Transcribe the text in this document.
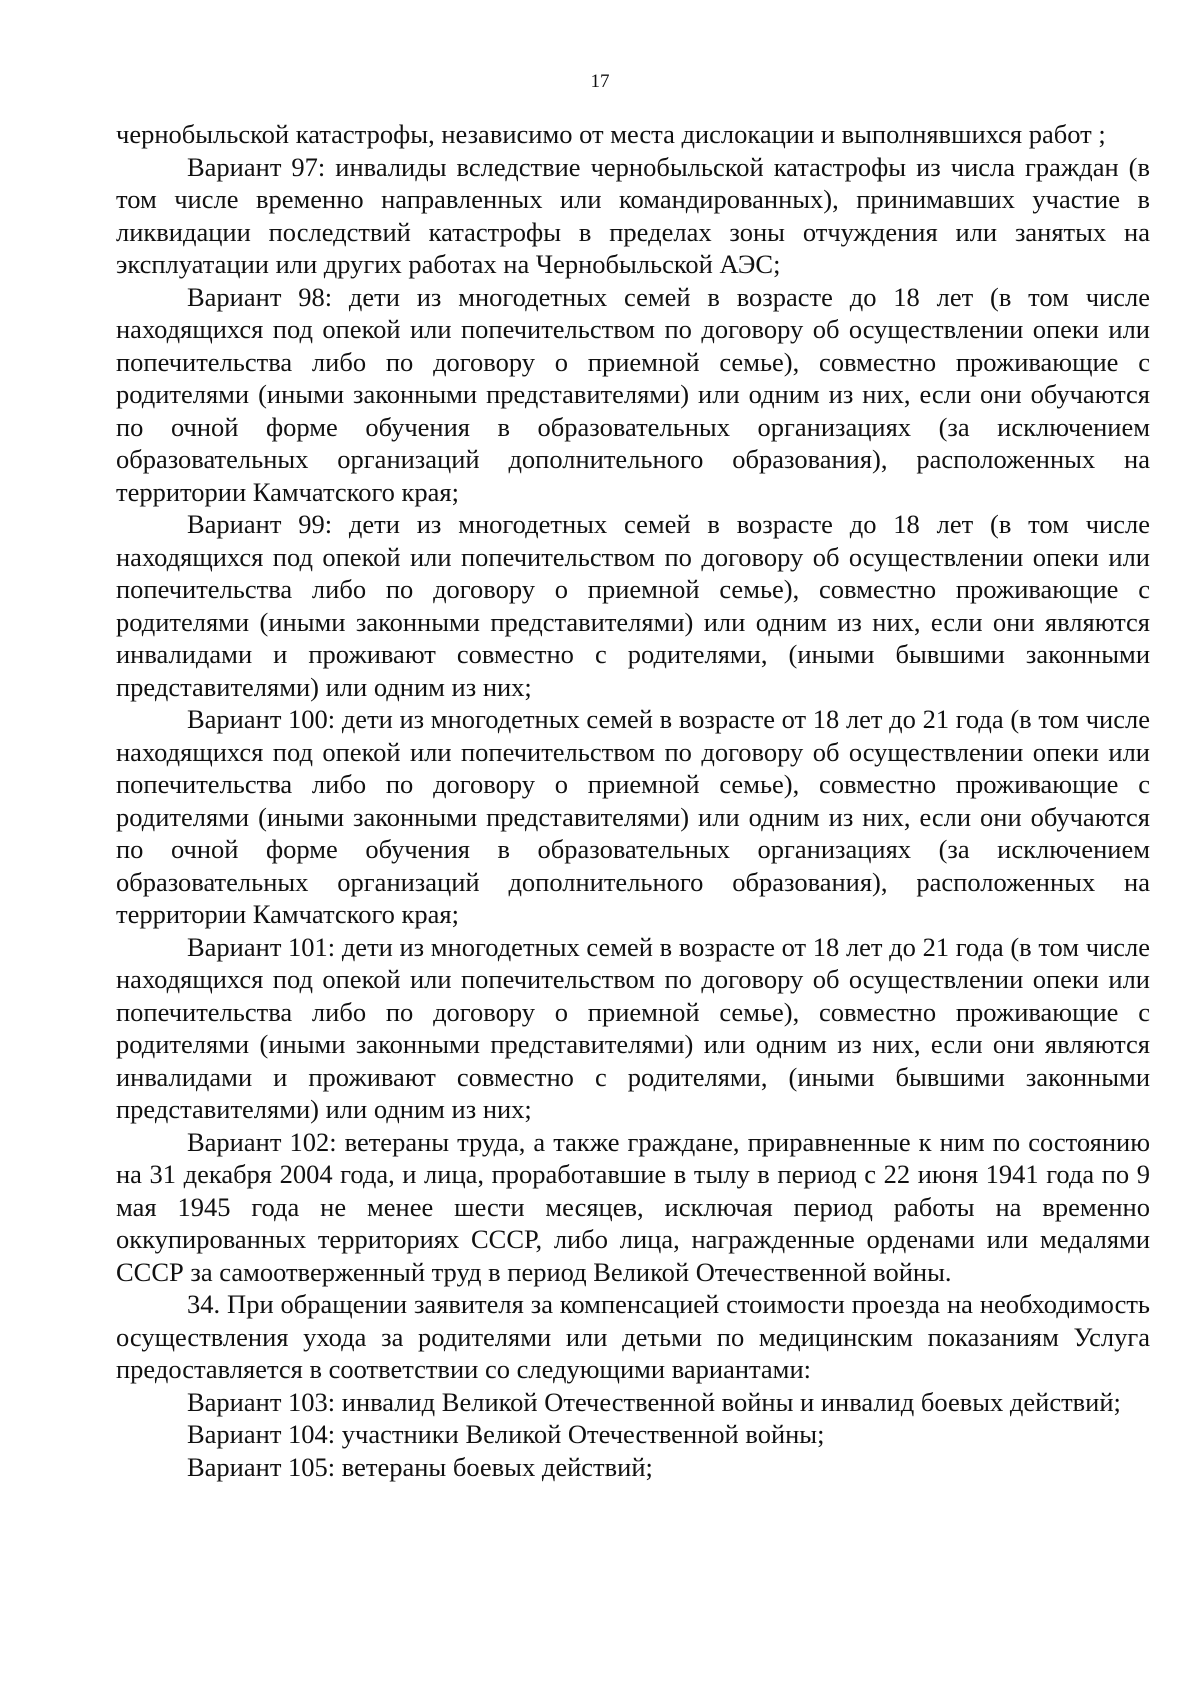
17

чернобыльской катастрофы, независимо от места дислокации и выполнявшихся работ ;

Вариант 97: инвалиды вследствие чернобыльской катастрофы из числа граждан (в том числе временно направленных или командированных), принимавших участие в ликвидации последствий катастрофы в пределах зоны отчуждения или занятых на эксплуатации или других работах на Чернобыльской АЭС;

Вариант 98: дети из многодетных семей в возрасте до 18 лет (в том числе находящихся под опекой или попечительством по договору об осуществлении опеки или попечительства либо по договору о приемной семье), совместно проживающие с родителями (иными законными представителями) или одним из них, если они обучаются по очной форме обучения в образовательных организациях (за исключением образовательных организаций дополнительного образования), расположенных на территории Камчатского края;

Вариант 99: дети из многодетных семей в возрасте до 18 лет (в том числе находящихся под опекой или попечительством по договору об осуществлении опеки или попечительства либо по договору о приемной семье), совместно проживающие с родителями (иными законными представителями) или одним из них, если они являются инвалидами и проживают совместно с родителями, (иными бывшими законными представителями) или одним из них;

Вариант 100: дети из многодетных семей в возрасте от 18 лет до 21 года (в том числе находящихся под опекой или попечительством по договору об осуществлении опеки или попечительства либо по договору о приемной семье), совместно проживающие с родителями (иными законными представителями) или одним из них, если они обучаются по очной форме обучения в образовательных организациях (за исключением образовательных организаций дополнительного образования), расположенных на территории Камчатского края;

Вариант 101: дети из многодетных семей в возрасте от 18 лет до 21 года (в том числе находящихся под опекой или попечительством по договору об осуществлении опеки или попечительства либо по договору о приемной семье), совместно проживающие с родителями (иными законными представителями) или одним из них, если они являются инвалидами и проживают совместно с родителями, (иными бывшими законными представителями) или одним из них;

Вариант 102: ветераны труда, а также граждане, приравненные к ним по состоянию на 31 декабря 2004 года, и лица, проработавшие в тылу в период с 22 июня 1941 года по 9 мая 1945 года не менее шести месяцев, исключая период работы на временно оккупированных территориях СССР, либо лица, награжденные орденами или медалями СССР за самоотверженный труд в период Великой Отечественной войны.

34. При обращении заявителя за компенсацией стоимости проезда на необходимость осуществления ухода за родителями или детьми по медицинским показаниям Услуга предоставляется в соответствии со следующими вариантами:

Вариант 103: инвалид Великой Отечественной войны и инвалид боевых действий;

Вариант 104: участники Великой Отечественной войны;

Вариант 105: ветераны боевых действий;
